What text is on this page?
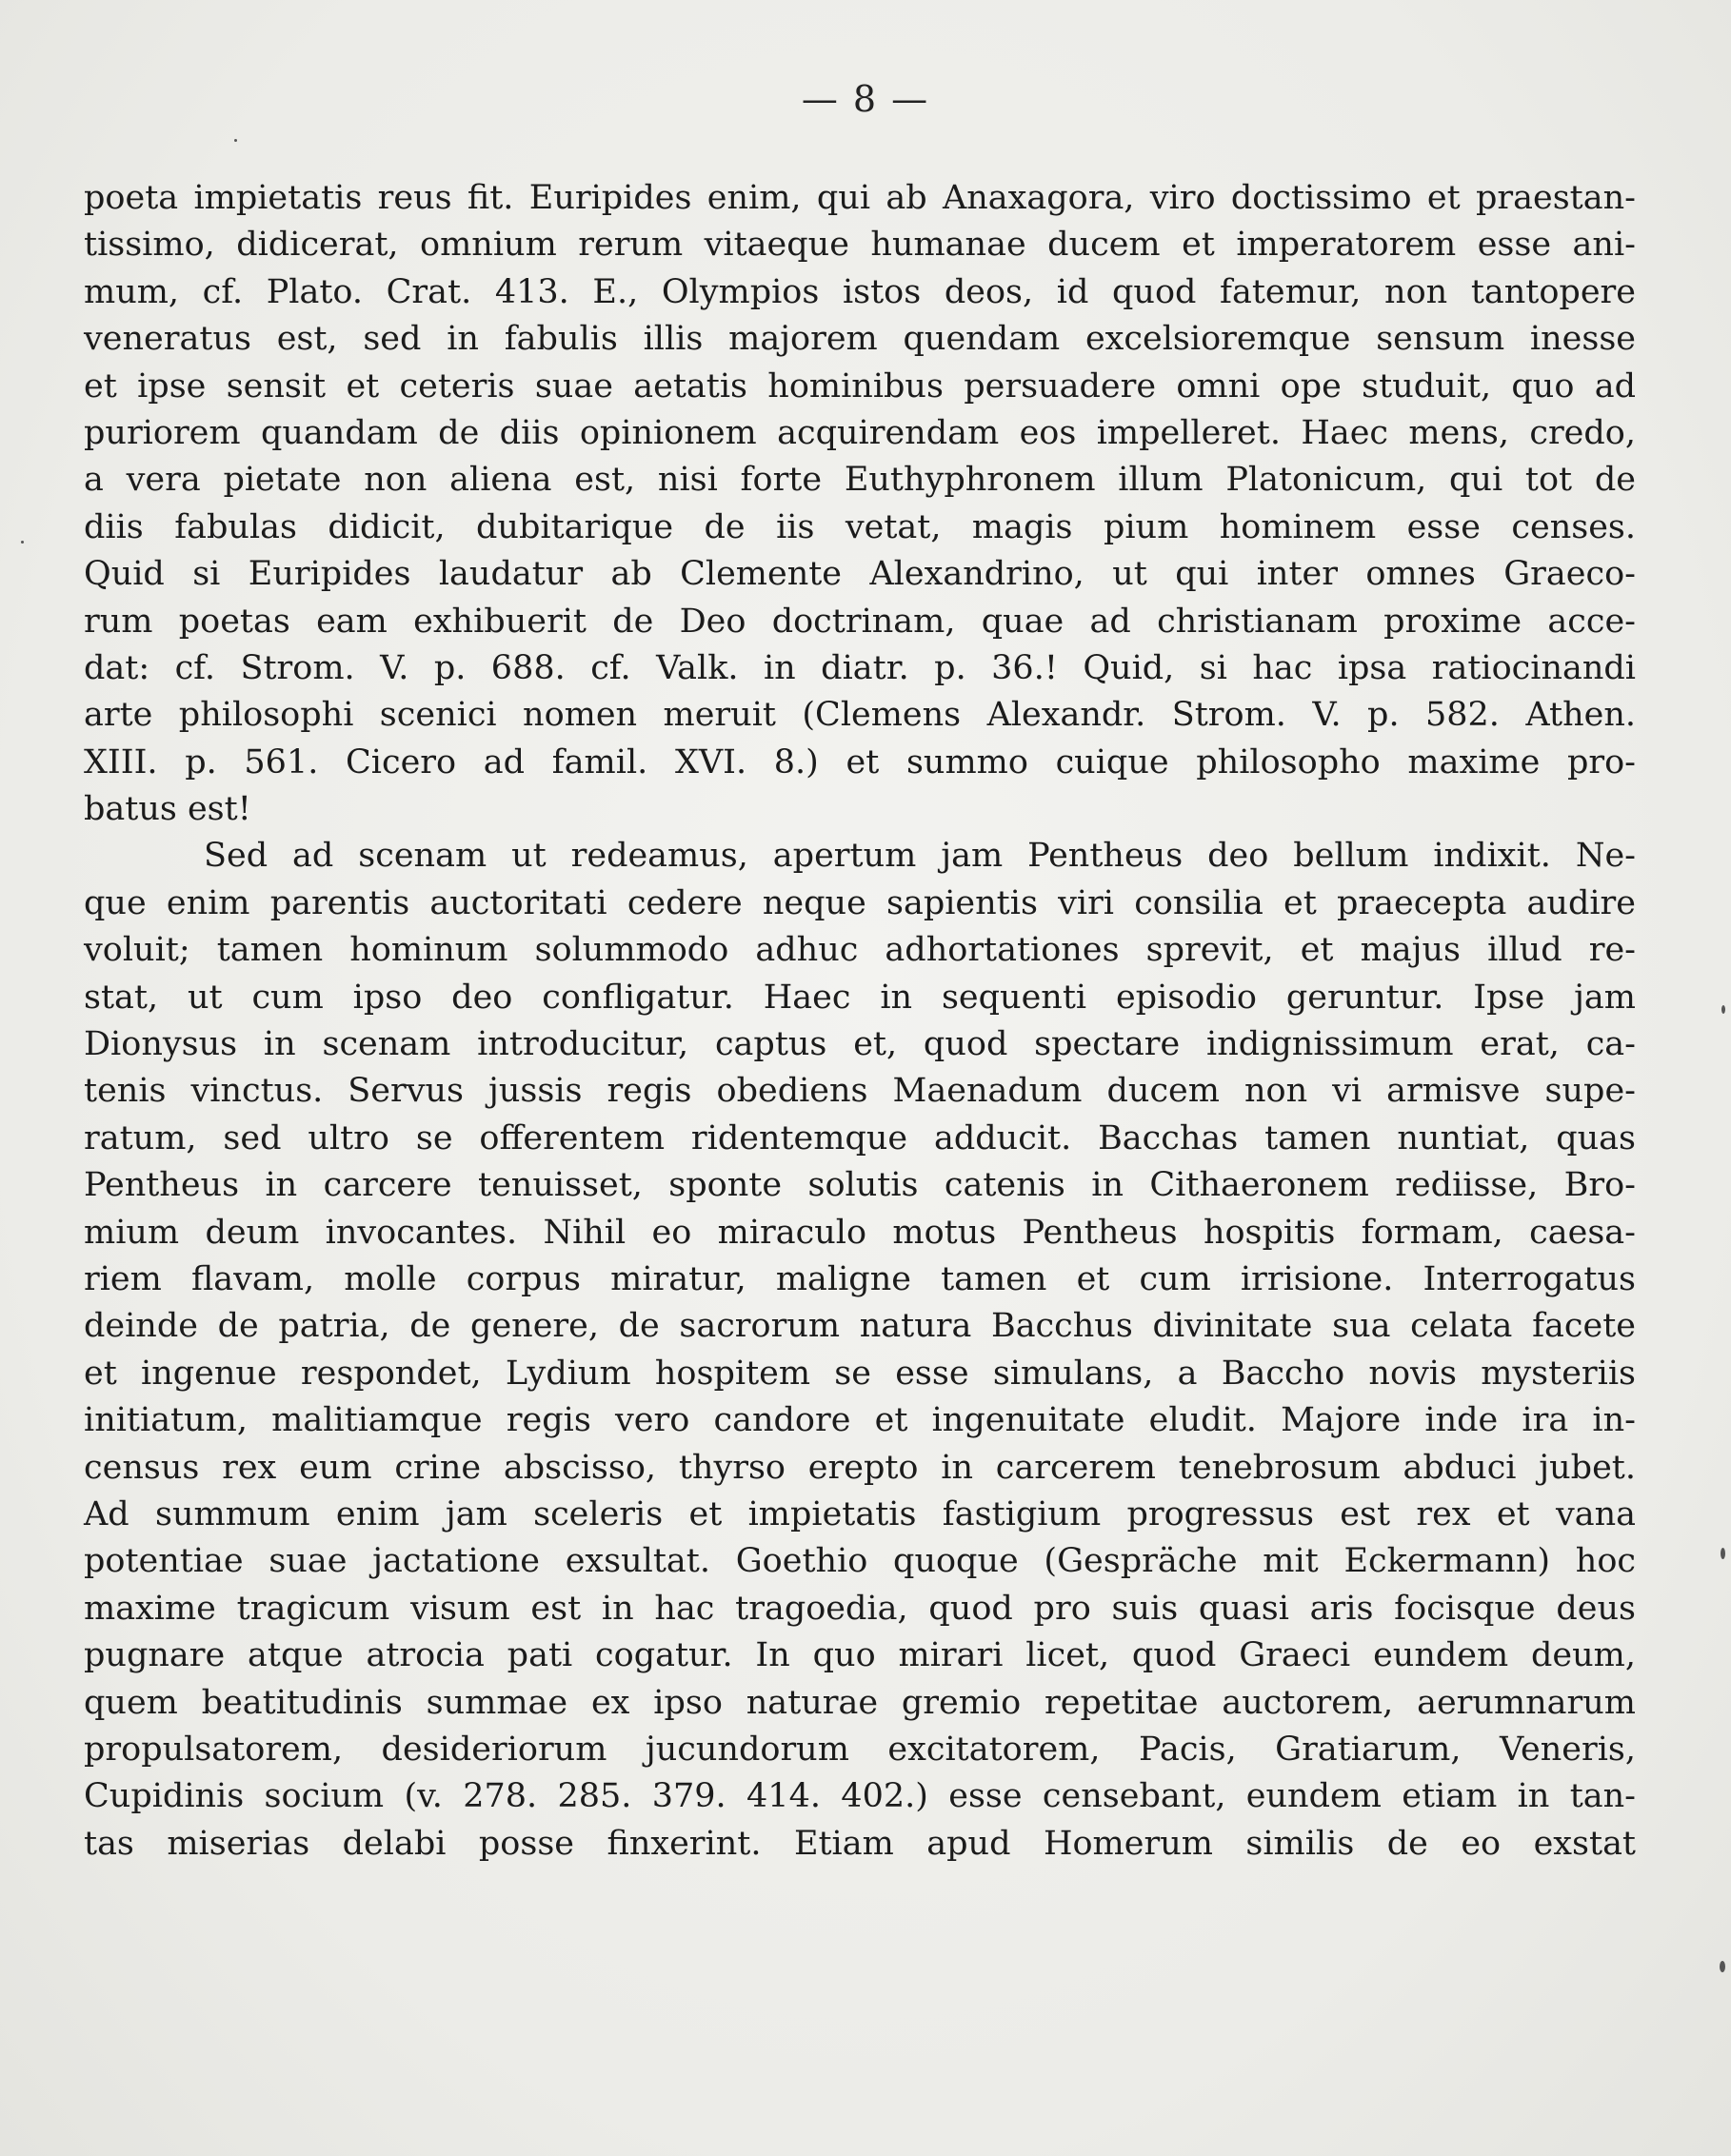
— 8 —
poeta impietatis reus fit. Euripides enim, qui ab Anaxagora, viro doctissimo et praestan-
tissimo, didicerat, omnium rerum vitaeque humanae ducem et imperatorem esse ani-
mum, cf. Plato. Crat. 413. E., Olympios istos deos, id quod fatemur, non tantopere
veneratus est, sed in fabulis illis majorem quendam excelsioremque sensum inesse
et ipse sensit et ceteris suae aetatis hominibus persuadere omni ope studuit, quo ad
puriorem quandam de diis opinionem acquirendam eos impelleret. Haec mens, credo,
a vera pietate non aliena est, nisi forte Euthyphronem illum Platonicum, qui tot de
diis fabulas didicit, dubitarique de iis vetat, magis pium hominem esse censes.
Quid si Euripides laudatur ab Clemente Alexandrino, ut qui inter omnes Graeco-
rum poetas eam exhibuerit de Deo doctrinam, quae ad christianam proxime acce-
dat: cf. Strom. V. p. 688. cf. Valk. in diatr. p. 36.! Quid, si hac ipsa ratiocinandi
arte philosophi scenici nomen meruit (Clemens Alexandr. Strom. V. p. 582. Athen.
XIII. p. 561. Cicero ad famil. XVI. 8.) et summo cuique philosopho maxime pro-
batus est!
Sed ad scenam ut redeamus, apertum jam Pentheus deo bellum indixit. Ne-
que enim parentis auctoritati cedere neque sapientis viri consilia et praecepta audire
voluit; tamen hominum solummodo adhuc adhortationes sprevit, et majus illud re-
stat, ut cum ipso deo confligatur. Haec in sequenti episodio geruntur. Ipse jam
Dionysus in scenam introducitur, captus et, quod spectare indignissimum erat, ca-
tenis vinctus. Servus jussis regis obediens Maenadum ducem non vi armisve supe-
ratum, sed ultro se offerentem ridentemque adducit. Bacchas tamen nuntiat, quas
Pentheus in carcere tenuisset, sponte solutis catenis in Cithaeronem rediisse, Bro-
mium deum invocantes. Nihil eo miraculo motus Pentheus hospitis formam, caesa-
riem flavam, molle corpus miratur, maligne tamen et cum irrisione. Interrogatus
deinde de patria, de genere, de sacrorum natura Bacchus divinitate sua celata facete
et ingenue respondet, Lydium hospitem se esse simulans, a Baccho novis mysteriis
initiatum, malitiamque regis vero candore et ingenuitate eludit. Majore inde ira in-
census rex eum crine abscisso, thyrso erepto in carcerem tenebrosum abduci jubet.
Ad summum enim jam sceleris et impietatis fastigium progressus est rex et vana
potentiae suae jactatione exsultat. Goethio quoque (Gespräche mit Eckermann) hoc
maxime tragicum visum est in hac tragoedia, quod pro suis quasi aris focisque deus
pugnare atque atrocia pati cogatur. In quo mirari licet, quod Graeci eundem deum,
quem beatitudinis summae ex ipso naturae gremio repetitae auctorem, aerumnarum
propulsatorem, desideriorum jucundorum excitatorem, Pacis, Gratiarum, Veneris,
Cupidinis socium (v. 278. 285. 379. 414. 402.) esse censebant, eundem etiam in tan-
tas miserias delabi posse finxerint. Etiam apud Homerum similis de eo exstat
